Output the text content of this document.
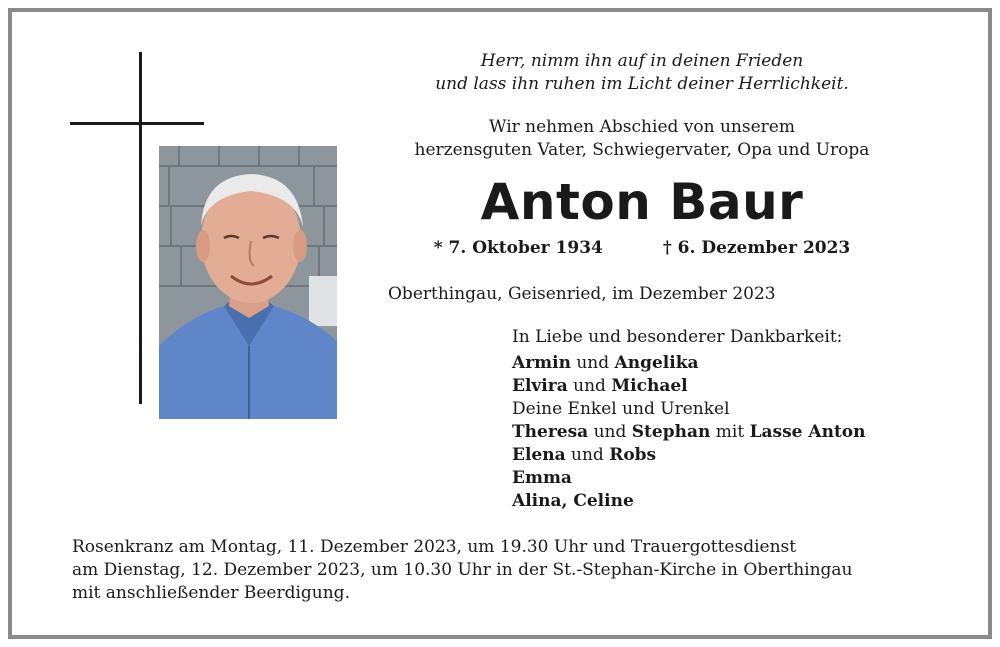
Herr, nimm ihn auf in deinen Frieden
und lass ihn ruhen im Licht deiner Herrlichkeit.
Wir nehmen Abschied von unserem
herzensguten Vater, Schwiegervater, Opa und Uropa
Anton Baur
* 7. Oktober 1934	† 6. Dezember 2023
Oberthingau, Geisenried, im Dezember 2023
In Liebe und besonderer Dankbarkeit:
Armin und Angelika
Elvira und Michael
Deine Enkel und Urenkel
Theresa und Stephan mit Lasse Anton
Elena und Robs
Emma
Alina, Celine
Rosenkranz am Montag, 11. Dezember 2023, um 19.30 Uhr und Trauergottesdienst
am Dienstag, 12. Dezember 2023, um 10.30 Uhr in der St.-Stephan-Kirche in Oberthingau
mit anschließender Beerdigung.
